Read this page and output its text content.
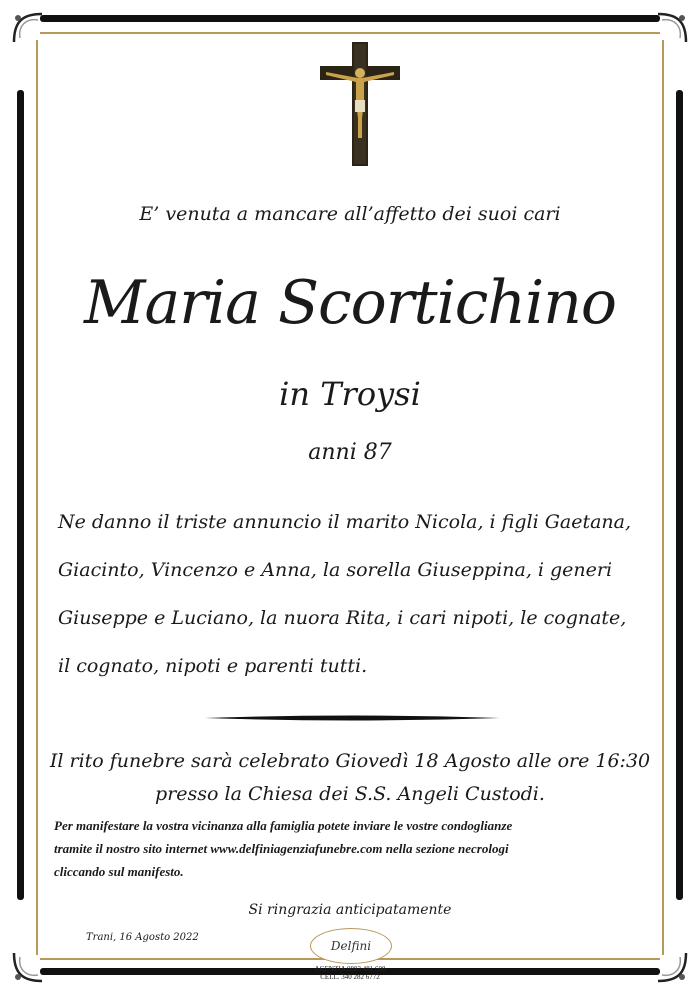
E’ venuta a mancare all’affetto dei suoi cari
Maria Scortichino
in Troysi
anni 87
Ne danno il triste annuncio il marito Nicola, i figli Gaetana,
Giacinto, Vincenzo e Anna, la sorella Giuseppina, i generi
Giuseppe e Luciano, la nuora Rita, i cari nipoti, le cognate,
il cognato, nipoti e parenti tutti.
Il rito funebre sarà celebrato Giovedì 18 Agosto alle ore 16:30
presso la Chiesa dei S.S. Angeli Custodi.
Per manifestare la vostra vicinanza alla famiglia potete inviare le vostre condoglianze
tramite il nostro sito internet www.delfiniagenziafunebre.com nella sezione necrologi
cliccando sul manifesto.
Si ringrazia anticipatamente
Trani, 16 Agosto 2022
Delfini
AGENZIA 0883 481 608
CELL. 340 282 6772
